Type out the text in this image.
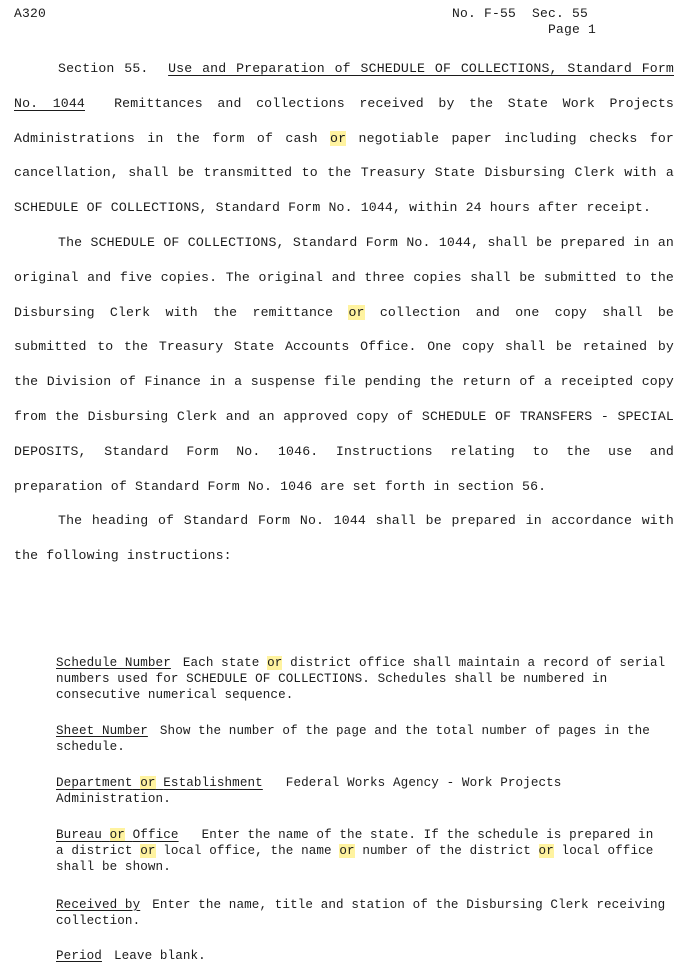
A320	No. F-55 Sec. 55
Page 1

Section 55. Use and Preparation of SCHEDULE OF COLLECTIONS, Standard Form No. 1044 Remittances and collections received by the State Work Projects Administrations in the form of cash or negotiable paper including checks for cancellation, shall be transmitted to the Treasury State Disbursing Clerk with a SCHEDULE OF COLLECTIONS, Standard Form No. 1044, within 24 hours after receipt.

The SCHEDULE OF COLLECTIONS, Standard Form No. 1044, shall be prepared in an original and five copies. The original and three copies shall be submitted to the Disbursing Clerk with the remittance or collection and one copy shall be submitted to the Treasury State Accounts Office. One copy shall be retained by the Division of Finance in a suspense file pending the return of a receipted copy from the Disbursing Clerk and an approved copy of SCHEDULE OF TRANSFERS - SPECIAL DEPOSITS, Standard Form No. 1046. Instructions relating to the use and preparation of Standard Form No. 1046 are set forth in section 56.

The heading of Standard Form No. 1044 shall be prepared in accordance with the following instructions:

Schedule Number Each state or district office shall maintain a record of serial numbers used for SCHEDULE OF COLLECTIONS. Schedules shall be numbered in consecutive numerical sequence.

Sheet Number Show the number of the page and the total number of pages in the schedule.

Department or Establishment Federal Works Agency - Work Projects Administration.

Bureau or Office Enter the name of the state. If the schedule is prepared in a district or local office, the name or number of the district or local office shall be shown.

Received by Enter the name, title and station of the Disbursing Clerk receiving collection.

Period Leave blank.
